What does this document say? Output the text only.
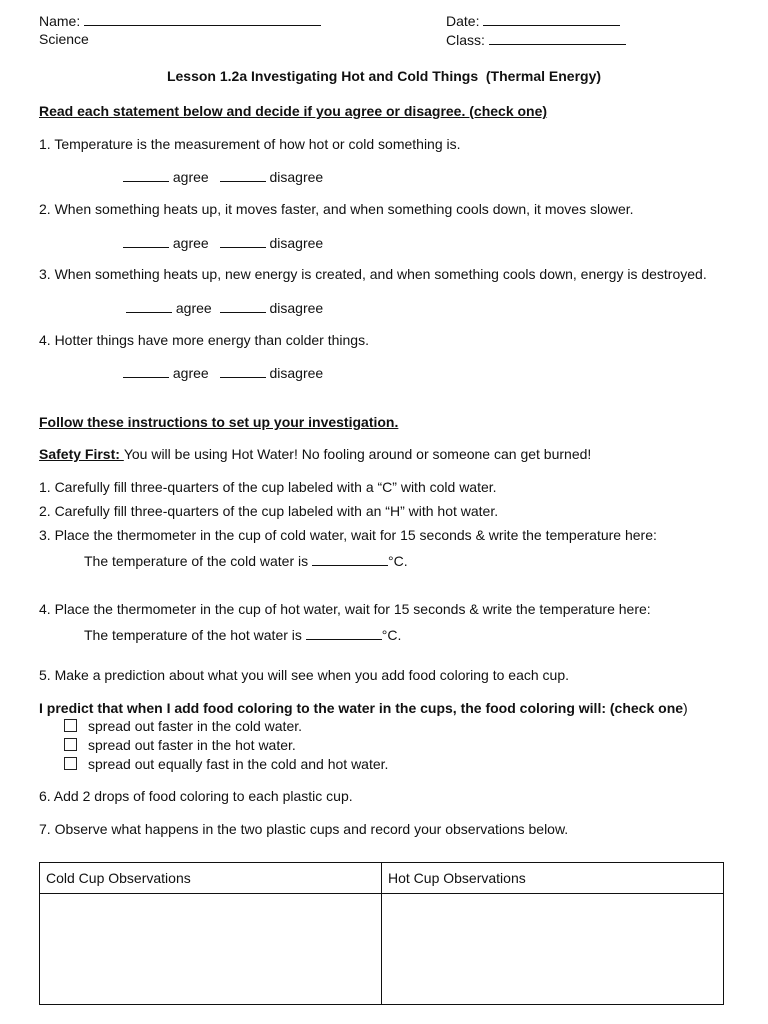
Name:
Science
Date:
Class:
Lesson 1.2a Investigating Hot and Cold Things  (Thermal Energy)
Read each statement below and decide if you agree or disagree. (check one)
1. Temperature is the measurement of how hot or cold something is.
agree	disagree
2. When something heats up, it moves faster, and when something cools down, it moves slower.
agree	disagree
3. When something heats up, new energy is created, and when something cools down, energy is destroyed.
agree	disagree
4. Hotter things have more energy than colder things.
agree	disagree
Follow these instructions to set up your investigation.
Safety First: You will be using Hot Water! No fooling around or someone can get burned!
1. Carefully fill three-quarters of the cup labeled with a “C” with cold water.
2. Carefully fill three-quarters of the cup labeled with an “H” with hot water.
3. Place the thermometer in the cup of cold water, wait for 15 seconds & write the temperature here:
The temperature of the cold water is	°C.
4. Place the thermometer in the cup of hot water, wait for 15 seconds & write the temperature here:
The temperature of the hot water is	°C.
5. Make a prediction about what you will see when you add food coloring to each cup.
I predict that when I add food coloring to the water in the cups, the food coloring will: (check one)
spread out faster in the cold water.
spread out faster in the hot water.
spread out equally fast in the cold and hot water.
6. Add 2 drops of food coloring to each plastic cup.
7. Observe what happens in the two plastic cups and record your observations below.
Cold Cup Observations	Hot Cup Observations
